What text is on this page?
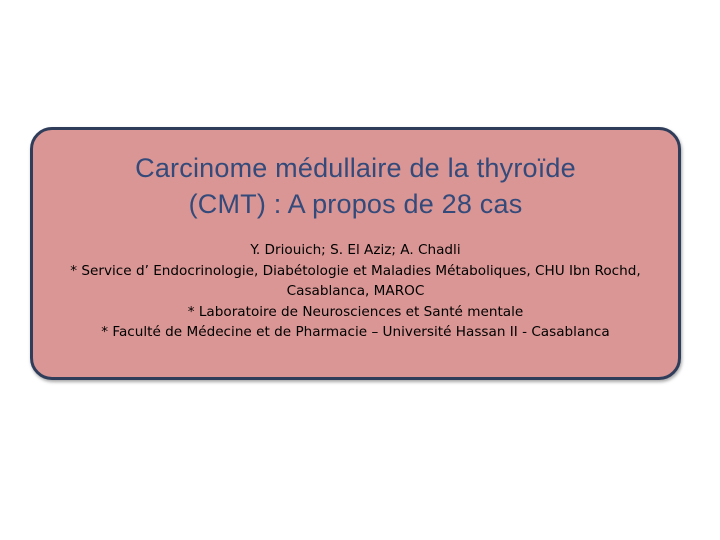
Carcinome médullaire de la thyroïde
(CMT) : A propos de 28 cas
Y. Driouich; S. El Aziz; A. Chadli
* Service d’ Endocrinologie, Diabétologie et Maladies Métaboliques, CHU Ibn Rochd,
Casablanca, MAROC
* Laboratoire de Neurosciences et Santé mentale
* Faculté de Médecine et de Pharmacie – Université Hassan II - Casablanca
